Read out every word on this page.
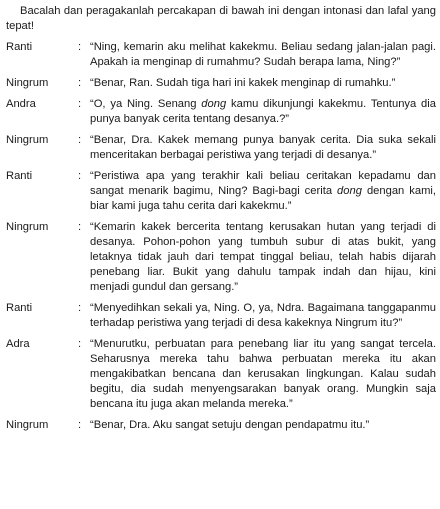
Bacalah dan peragakanlah percakapan di bawah ini dengan intonasi dan lafal yang tepat!

Ranti	: “Ning, kemarin aku melihat kakekmu. Beliau sedang jalan-jalan pagi. Apakah ia menginap di rumahmu? Sudah berapa lama, Ning?”
Ningrum	: “Benar, Ran. Sudah tiga hari ini kakek menginap di rumahku.”
Andra	: “O, ya Ning. Senang dong kamu dikunjungi kakekmu. Tentunya dia punya banyak cerita tentang desanya.?”
Ningrum	: “Benar, Dra. Kakek memang punya banyak cerita. Dia suka sekali menceritakan berbagai peristiwa yang terjadi di desanya.”
Ranti	: “Peristiwa apa yang terakhir kali beliau ceritakan kepadamu dan sangat menarik bagimu, Ning? Bagi-bagi cerita dong dengan kami, biar kami juga tahu cerita dari kakekmu.”
Ningrum	: “Kemarin kakek bercerita tentang kerusakan hutan yang terjadi di desanya. Pohon-pohon yang tumbuh subur di atas bukit, yang letaknya tidak jauh dari tempat tinggal beliau, telah habis dijarah penebang liar. Bukit yang dahulu tampak indah dan hijau, kini menjadi gundul dan gersang.”
Ranti	: “Menyedihkan sekali ya, Ning. O, ya, Ndra. Bagaimana tanggapanmu terhadap peristiwa yang terjadi di desa kakeknya Ningrum itu?”
Adra	: “Menurutku, perbuatan para penebang liar itu yang sangat tercela. Seharusnya mereka tahu bahwa perbuatan mereka itu akan mengakibatkan bencana dan kerusakan lingkungan. Kalau sudah begitu, dia sudah menyengsarakan banyak orang. Mungkin saja bencana itu juga akan melanda mereka.”
Ningrum	: “Benar, Dra. Aku sangat setuju dengan pendapatmu itu.”
